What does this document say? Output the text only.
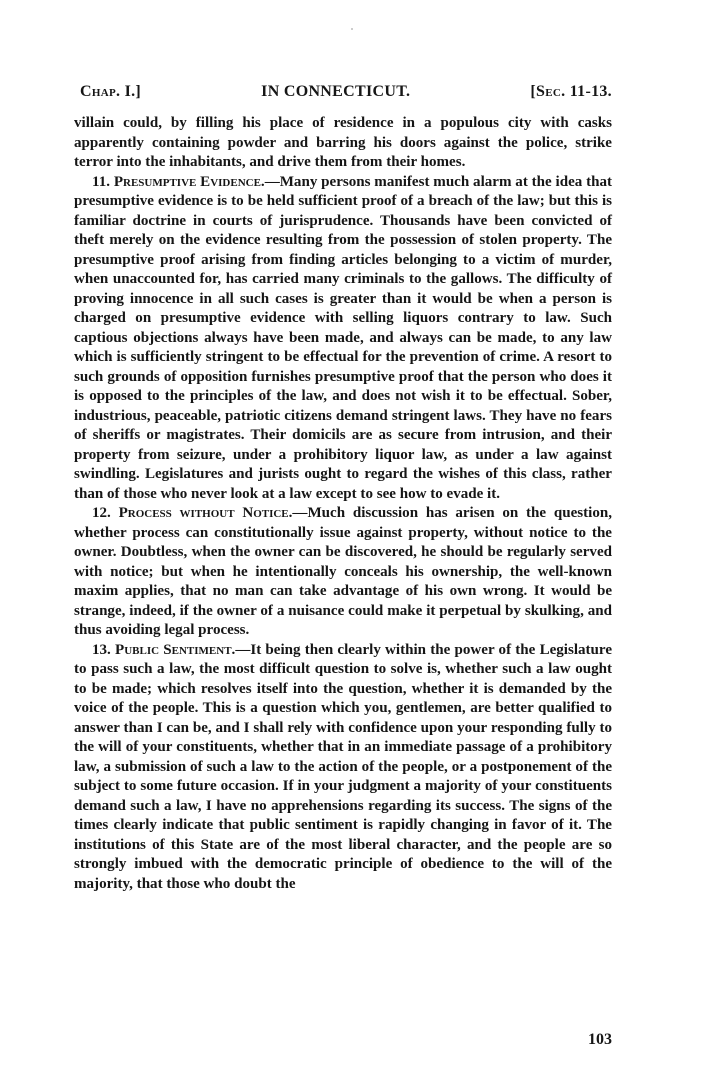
Chap. I.]	IN CONNECTICUT.	[Sec. 11-13.

villain could, by filling his place of residence in a populous city with casks apparently containing powder and barring his doors against the police, strike terror into the inhabitants, and drive them from their homes.

11. Presumptive Evidence.—Many persons manifest much alarm at the idea that presumptive evidence is to be held sufficient proof of a breach of the law; but this is familiar doctrine in courts of jurisprudence. Thousands have been convicted of theft merely on the evidence resulting from the possession of stolen property. The presumptive proof arising from finding articles belonging to a victim of murder, when unaccounted for, has carried many criminals to the gallows. The difficulty of proving innocence in all such cases is greater than it would be when a person is charged on presumptive evidence with selling liquors contrary to law. Such captious objections always have been made, and always can be made, to any law which is sufficiently stringent to be effectual for the prevention of crime. A resort to such grounds of opposition furnishes presumptive proof that the person who does it is opposed to the principles of the law, and does not wish it to be effectual. Sober, industrious, peaceable, patriotic citizens demand stringent laws. They have no fears of sheriffs or magistrates. Their domicils are as secure from intrusion, and their property from seizure, under a prohibitory liquor law, as under a law against swindling. Legislatures and jurists ought to regard the wishes of this class, rather than of those who never look at a law except to see how to evade it.

12. Process without Notice.—Much discussion has arisen on the question, whether process can constitutionally issue against property, without notice to the owner. Doubtless, when the owner can be discovered, he should be regularly served with notice; but when he intentionally conceals his ownership, the well-known maxim applies, that no man can take advantage of his own wrong. It would be strange, indeed, if the owner of a nuisance could make it perpetual by skulking, and thus avoiding legal process.

13. Public Sentiment.—It being then clearly within the power of the Legislature to pass such a law, the most difficult question to solve is, whether such a law ought to be made; which resolves itself into the question, whether it is demanded by the voice of the people. This is a question which you, gentlemen, are better qualified to answer than I can be, and I shall rely with confidence upon your responding fully to the will of your constituents, whether that in an immediate passage of a prohibitory law, a submission of such a law to the action of the people, or a postponement of the subject to some future occasion. If in your judgment a majority of your constituents demand such a law, I have no apprehensions regarding its success. The signs of the times clearly indicate that public sentiment is rapidly changing in favor of it. The institutions of this State are of the most liberal character, and the people are so strongly imbued with the democratic principle of obedience to the will of the majority, that those who doubt the

103
